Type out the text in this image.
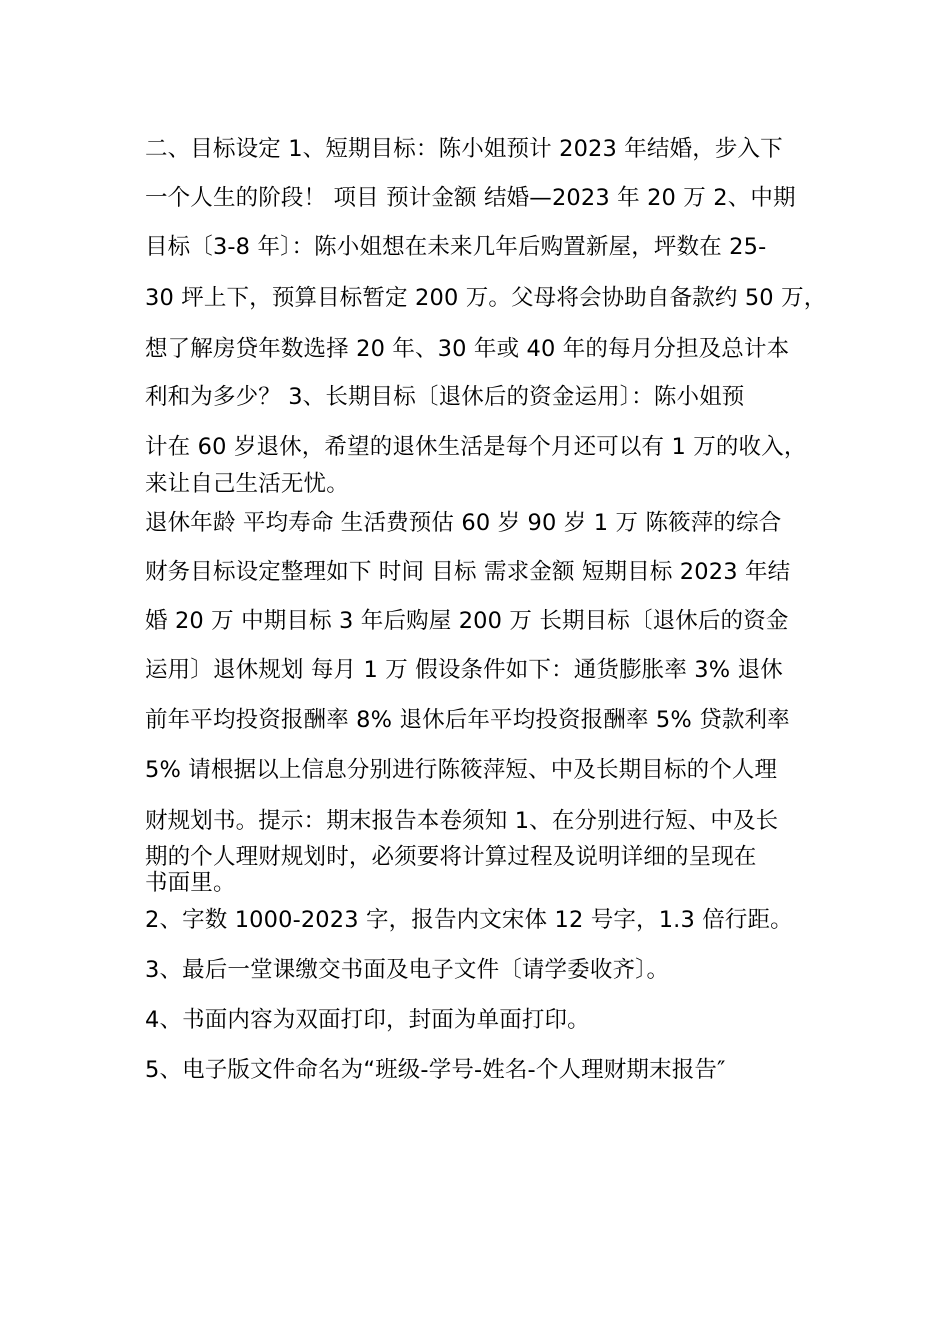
二、目标设定 1、短期目标：陈小姐预计 2023 年结婚，步入下
一个人生的阶段！ 项目 预计金额 结婚—2023 年 20 万 2、中期
目标〔3-8 年〕：陈小姐想在未来几年后购置新屋，坪数在 25-
30 坪上下，预算目标暂定 200 万。父母将会协助自备款约 50 万，
想了解房贷年数选择 20 年、30 年或 40 年的每月分担及总计本
利和为多少？ 3、长期目标〔退休后的资金运用〕：陈小姐预
计在 60 岁退休，希望的退休生活是每个月还可以有 1 万的收入，
来让自己生活无忧。
退休年龄 平均寿命 生活费预估 60 岁 90 岁 1 万 陈筱萍的综合
财务目标设定整理如下 时间 目标 需求金额 短期目标 2023 年结
婚 20 万 中期目标 3 年后购屋 200 万 长期目标〔退休后的资金
运用〕退休规划 每月 1 万 假设条件如下：通货膨胀率 3% 退休
前年平均投资报酬率 8% 退休后年平均投资报酬率 5% 贷款利率
5% 请根据以上信息分别进行陈筱萍短、中及长期目标的个人理
财规划书。提示：期末报告本卷须知 1、在分别进行短、中及长
期的个人理财规划时，必须要将计算过程及说明详细的呈现在
书面里。
2、字数 1000-2023 字，报告内文宋体 12 号字，1.3 倍行距。
3、最后一堂课缴交书面及电子文件〔请学委收齐〕。
4、书面内容为双面打印，封面为单面打印。
5、电子版文件命名为“班级-学号-姓名-个人理财期末报告″
